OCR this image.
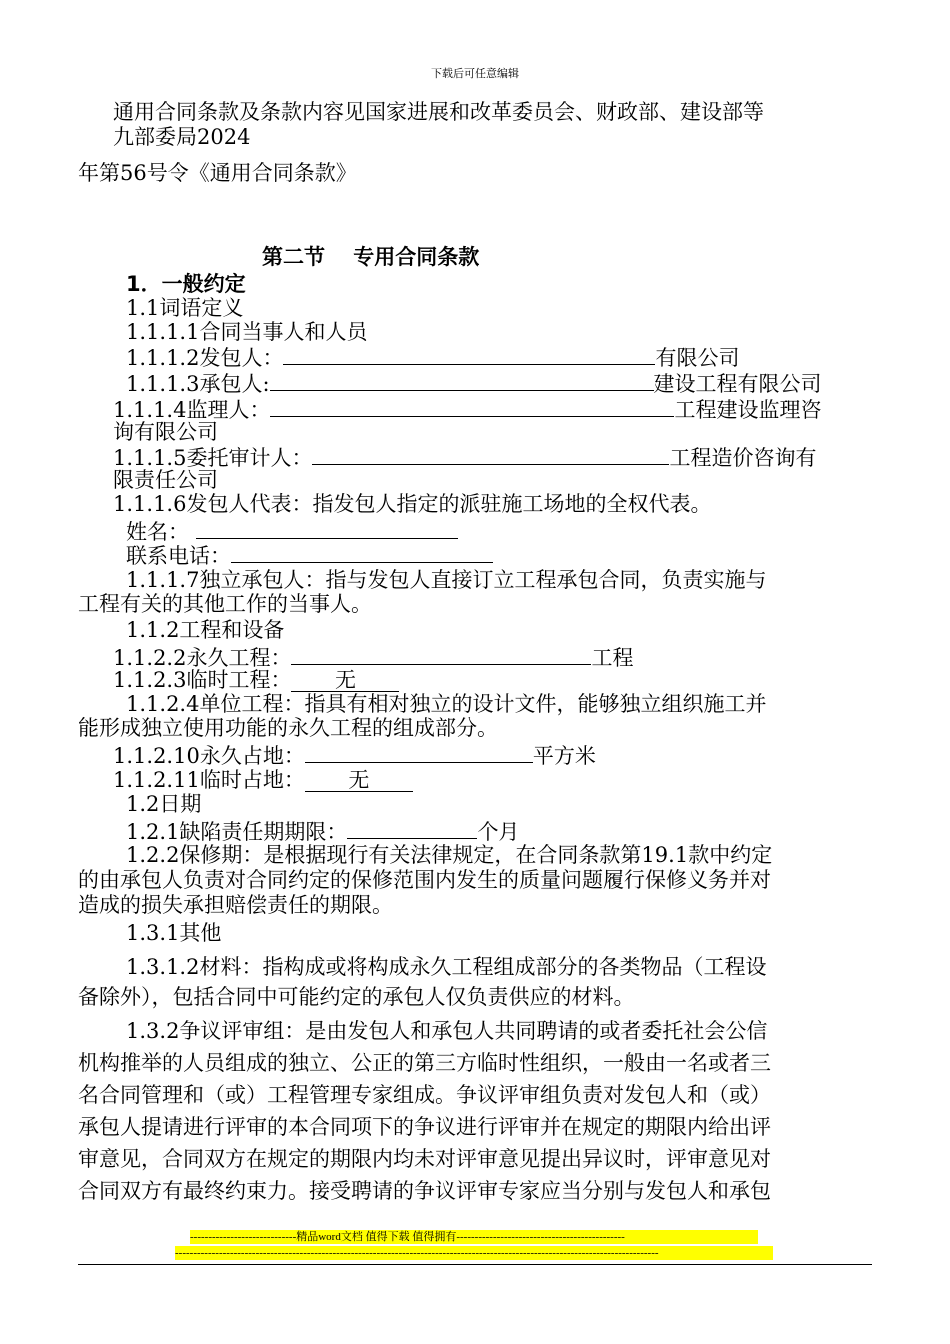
下载后可任意编辑
通用合同条款及条款内容见国家进展和改革委员会、财政部、建设部等
九部委局2024
年第56号令《通用合同条款》
第二节　 专用合同条款
1．一般约定
1.1词语定义
1.1.1.1合同当事人和人员
1.1.1.2发包人：	有限公司
1.1.1.3承包人:	建设工程有限公司
1.1.1.4监理人：	工程建设监理咨
询有限公司
1.1.1.5委托审计人：	工程造价咨询有
限责任公司
1.1.1.6发包人代表：指发包人指定的派驻施工场地的全权代表。
姓名：
联系电话：
1.1.1.7独立承包人：指与发包人直接订立工程承包合同，负责实施与
工程有关的其他工作的当事人。
1.1.2工程和设备
1.1.2.2永久工程：	工程
1.1.2.3临时工程： 无
1.1.2.4单位工程：指具有相对独立的设计文件，能够独立组织施工并
能形成独立使用功能的永久工程的组成部分。
1.1.2.10永久占地：	平方米
1.1.2.11临时占地： 无
1.2日期
1.2.1缺陷责任期期限：	个月
1.2.2保修期：是根据现行有关法律规定，在合同条款第19.1款中约定
的由承包人负责对合同约定的保修范围内发生的质量问题履行保修义务并对
造成的损失承担赔偿责任的期限。
1.3.1其他
1.3.1.2材料：指构成或将构成永久工程组成部分的各类物品（工程设
备除外），包括合同中可能约定的承包人仅负责供应的材料。
1.3.2争议评审组：是由发包人和承包人共同聘请的或者委托社会公信
机构推举的人员组成的独立、公正的第三方临时性组织，一般由一名或者三
名合同管理和（或）工程管理专家组成。争议评审组负责对发包人和（或）
承包人提请进行评审的本合同项下的争议进行评审并在规定的期限内给出评
审意见，合同双方在规定的期限内均未对评审意见提出异议时，评审意见对
合同双方有最终约束力。接受聘请的争议评审专家应当分别与发包人和承包
-----------------------------精品word文档 值得下载 值得拥有----------------------------------------------
------------------------------------------------------------------------------------------------------------------------------------
